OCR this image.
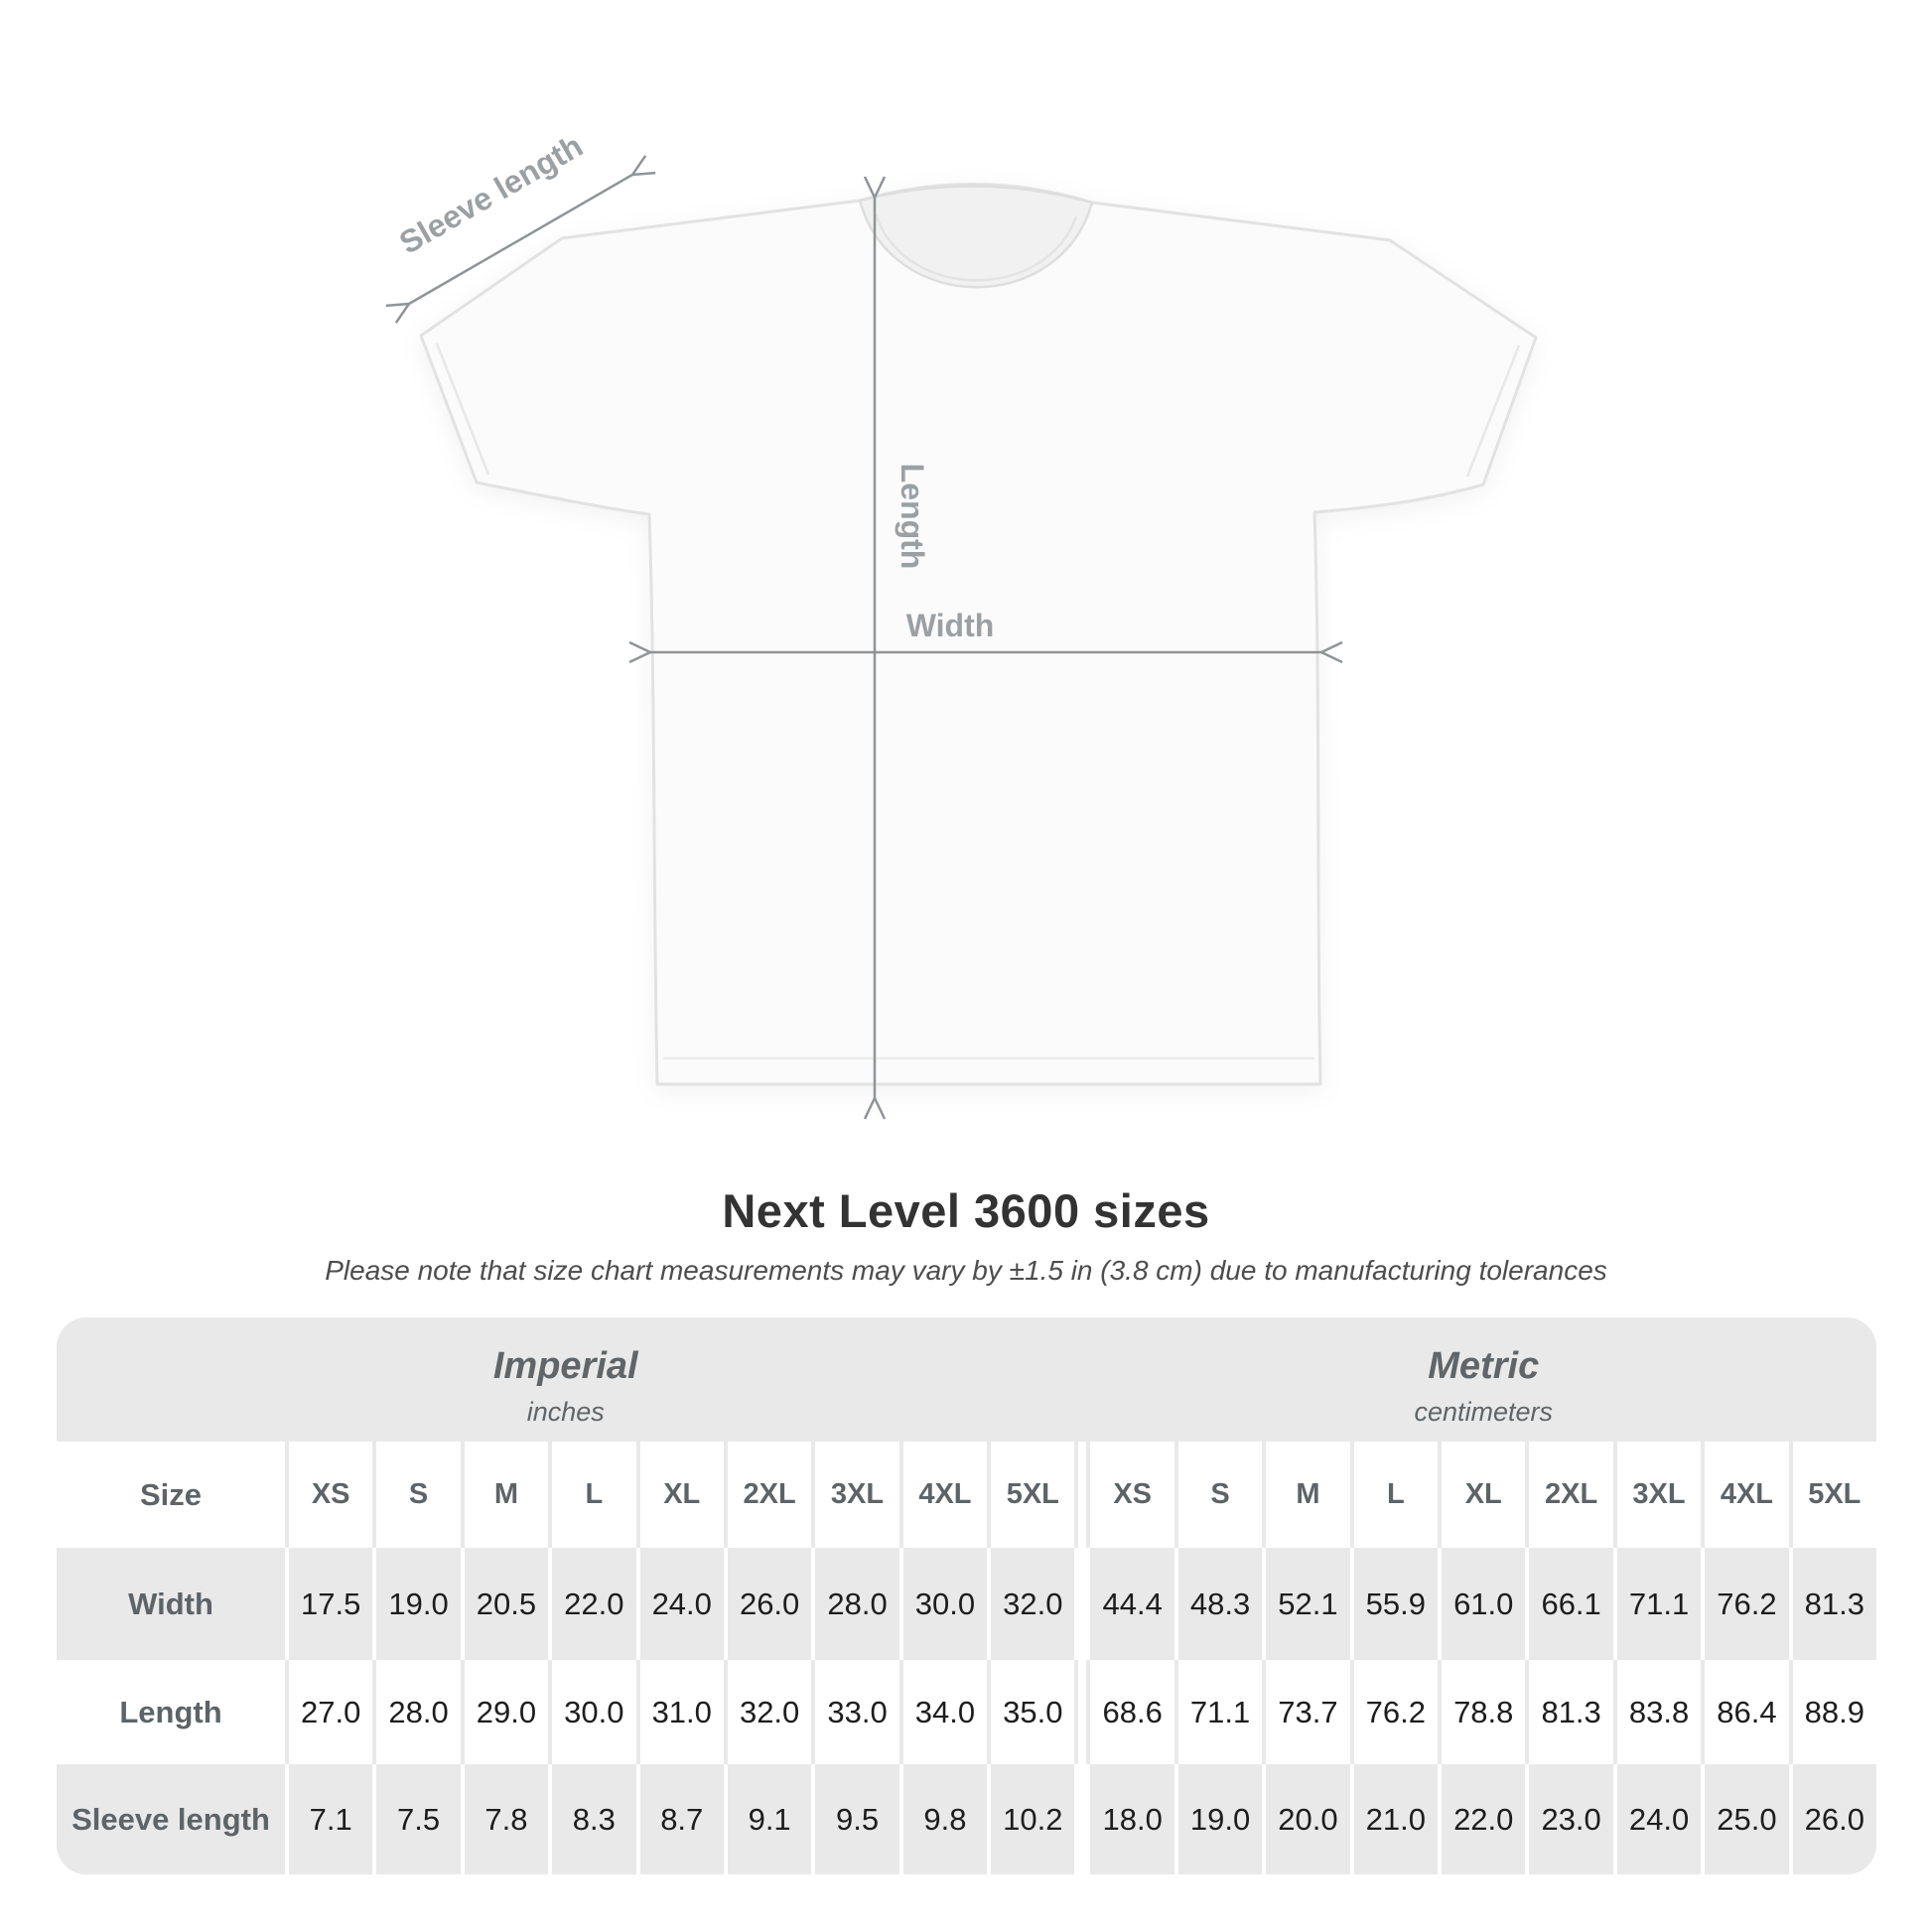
Sleeve length
Length
Width
Next Level 3600 sizes
Please note that size chart measurements may vary by ±1.5 in (3.8 cm) due to manufacturing tolerances
Imperial
inches
Metric
centimeters
Size	XS	S	M	L	XL	2XL	3XL	4XL	5XL	XS	S	M	L	XL	2XL	3XL	4XL	5XL
Width	17.5 19.0 20.5 22.0 24.0 26.0 28.0 30.0 32.0	44.4 48.3 52.1 55.9 61.0 66.1 71.1 76.2 81.3
Length	27.0 28.0 29.0 30.0 31.0 32.0 33.0 34.0 35.0	68.6 71.1 73.7 76.2 78.8 81.3 83.8 86.4 88.9
Sleeve length	7.1	7.5	7.8	8.3	8.7	9.1	9.5	9.8	10.2	18.0 19.0 20.0 21.0 22.0 23.0 24.0 25.0 26.0
